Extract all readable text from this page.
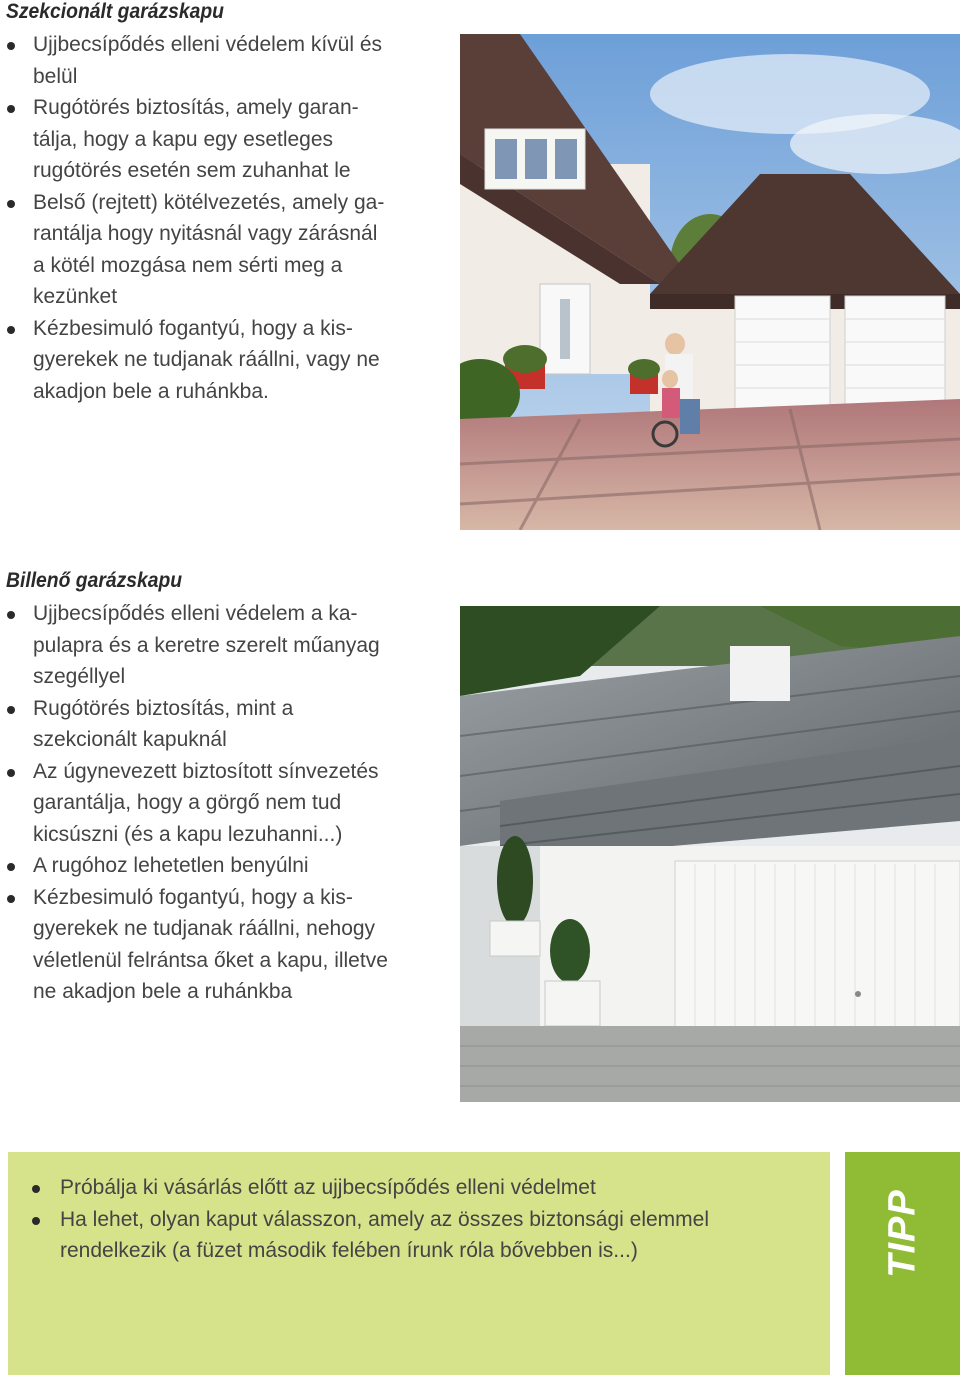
Szekcionált garázskapu
Ujjbecsípődés elleni védelem kívül és
belül
Rugótörés biztosítás, amely garan-
tálja, hogy a kapu egy esetleges
rugótörés esetén sem zuhanhat le
Belső (rejtett) kötélvezetés, amely ga-
rantálja hogy nyitásnál vagy zárásnál
a kötél mozgása nem sérti meg a
kezünket
Kézbesimuló fogantyú, hogy a kis-
gyerekek ne tudjanak ráállni, vagy ne
akadjon bele a ruhánkba.
Billenő garázskapu
Ujjbecsípődés elleni védelem a ka-
pulapra és a keretre szerelt műanyag
szegéllyel
Rugótörés biztosítás, mint a
szekcionált kapuknál
Az úgynevezett biztosított sínvezetés
garantálja, hogy a görgő nem tud
kicsúszni (és a kapu lezuhanni...)
A rugóhoz lehetetlen benyúlni
Kézbesimuló fogantyú, hogy a kis-
gyerekek ne tudjanak ráállni, nehogy
véletlenül felrántsa őket a kapu, illetve
ne akadjon bele a ruhánkba
Próbálja ki vásárlás előtt az ujjbecsípődés elleni védelmet
Ha lehet, olyan kaput válasszon, amely az összes biztonsági elemmel
rendelkezik (a füzet második felében írunk róla bővebben is...)	TIPP
